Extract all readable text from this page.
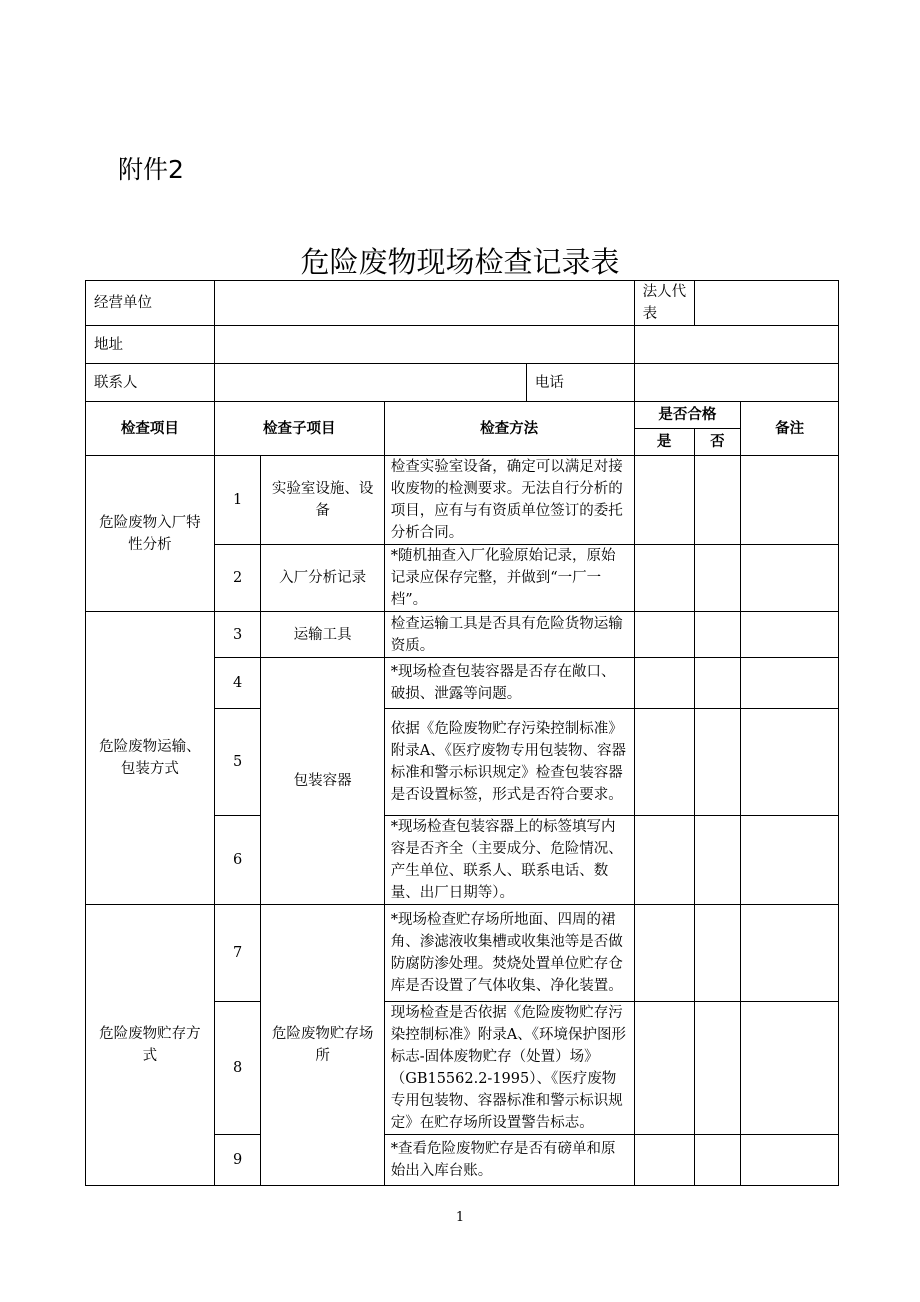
附件2
危险废物现场检查记录表
经营单位					法人代表		
地址							
联系人				电话			
检查项目	检查子项目		检查方法		是否合格		备注
					是	否	
危险废物入厂特性分析	1	实验室设施、设备	检查实验室设备，确定可以满足对接收废物的检测要求。无法自行分析的项目，应有与有资质单位签订的委托分析合同。				
	2	入厂分析记录	*随机抽查入厂化验原始记录，原始记录应保存完整，并做到“一厂一档”。				
危险废物运输、包装方式	3	运输工具	检查运输工具是否具有危险货物运输资质。				
	4	包装容器	*现场检查包装容器是否存在敞口、破损、泄露等问题。				
	5		依据《危险废物贮存污染控制标准》附录A、《医疗废物专用包装物、容器标准和警示标识规定》检查包装容器是否设置标签，形式是否符合要求。				
	6		*现场检查包装容器上的标签填写内容是否齐全（主要成分、危险情况、产生单位、联系人、联系电话、数量、出厂日期等）。				
危险废物贮存方式	7	危险废物贮存场所	*现场检查贮存场所地面、四周的裙角、渗滤液收集槽或收集池等是否做防腐防渗处理。焚烧处置单位贮存仓库是否设置了气体收集、净化装置。				
	8		现场检查是否依据《危险废物贮存污染控制标准》附录A、《环境保护图形标志-固体废物贮存（处置）场》（GB15562.2-1995）、《医疗废物专用包装物、容器标准和警示标识规定》在贮存场所设置警告标志。				
	9		*查看危险废物贮存是否有磅单和原始出入库台账。				
1
